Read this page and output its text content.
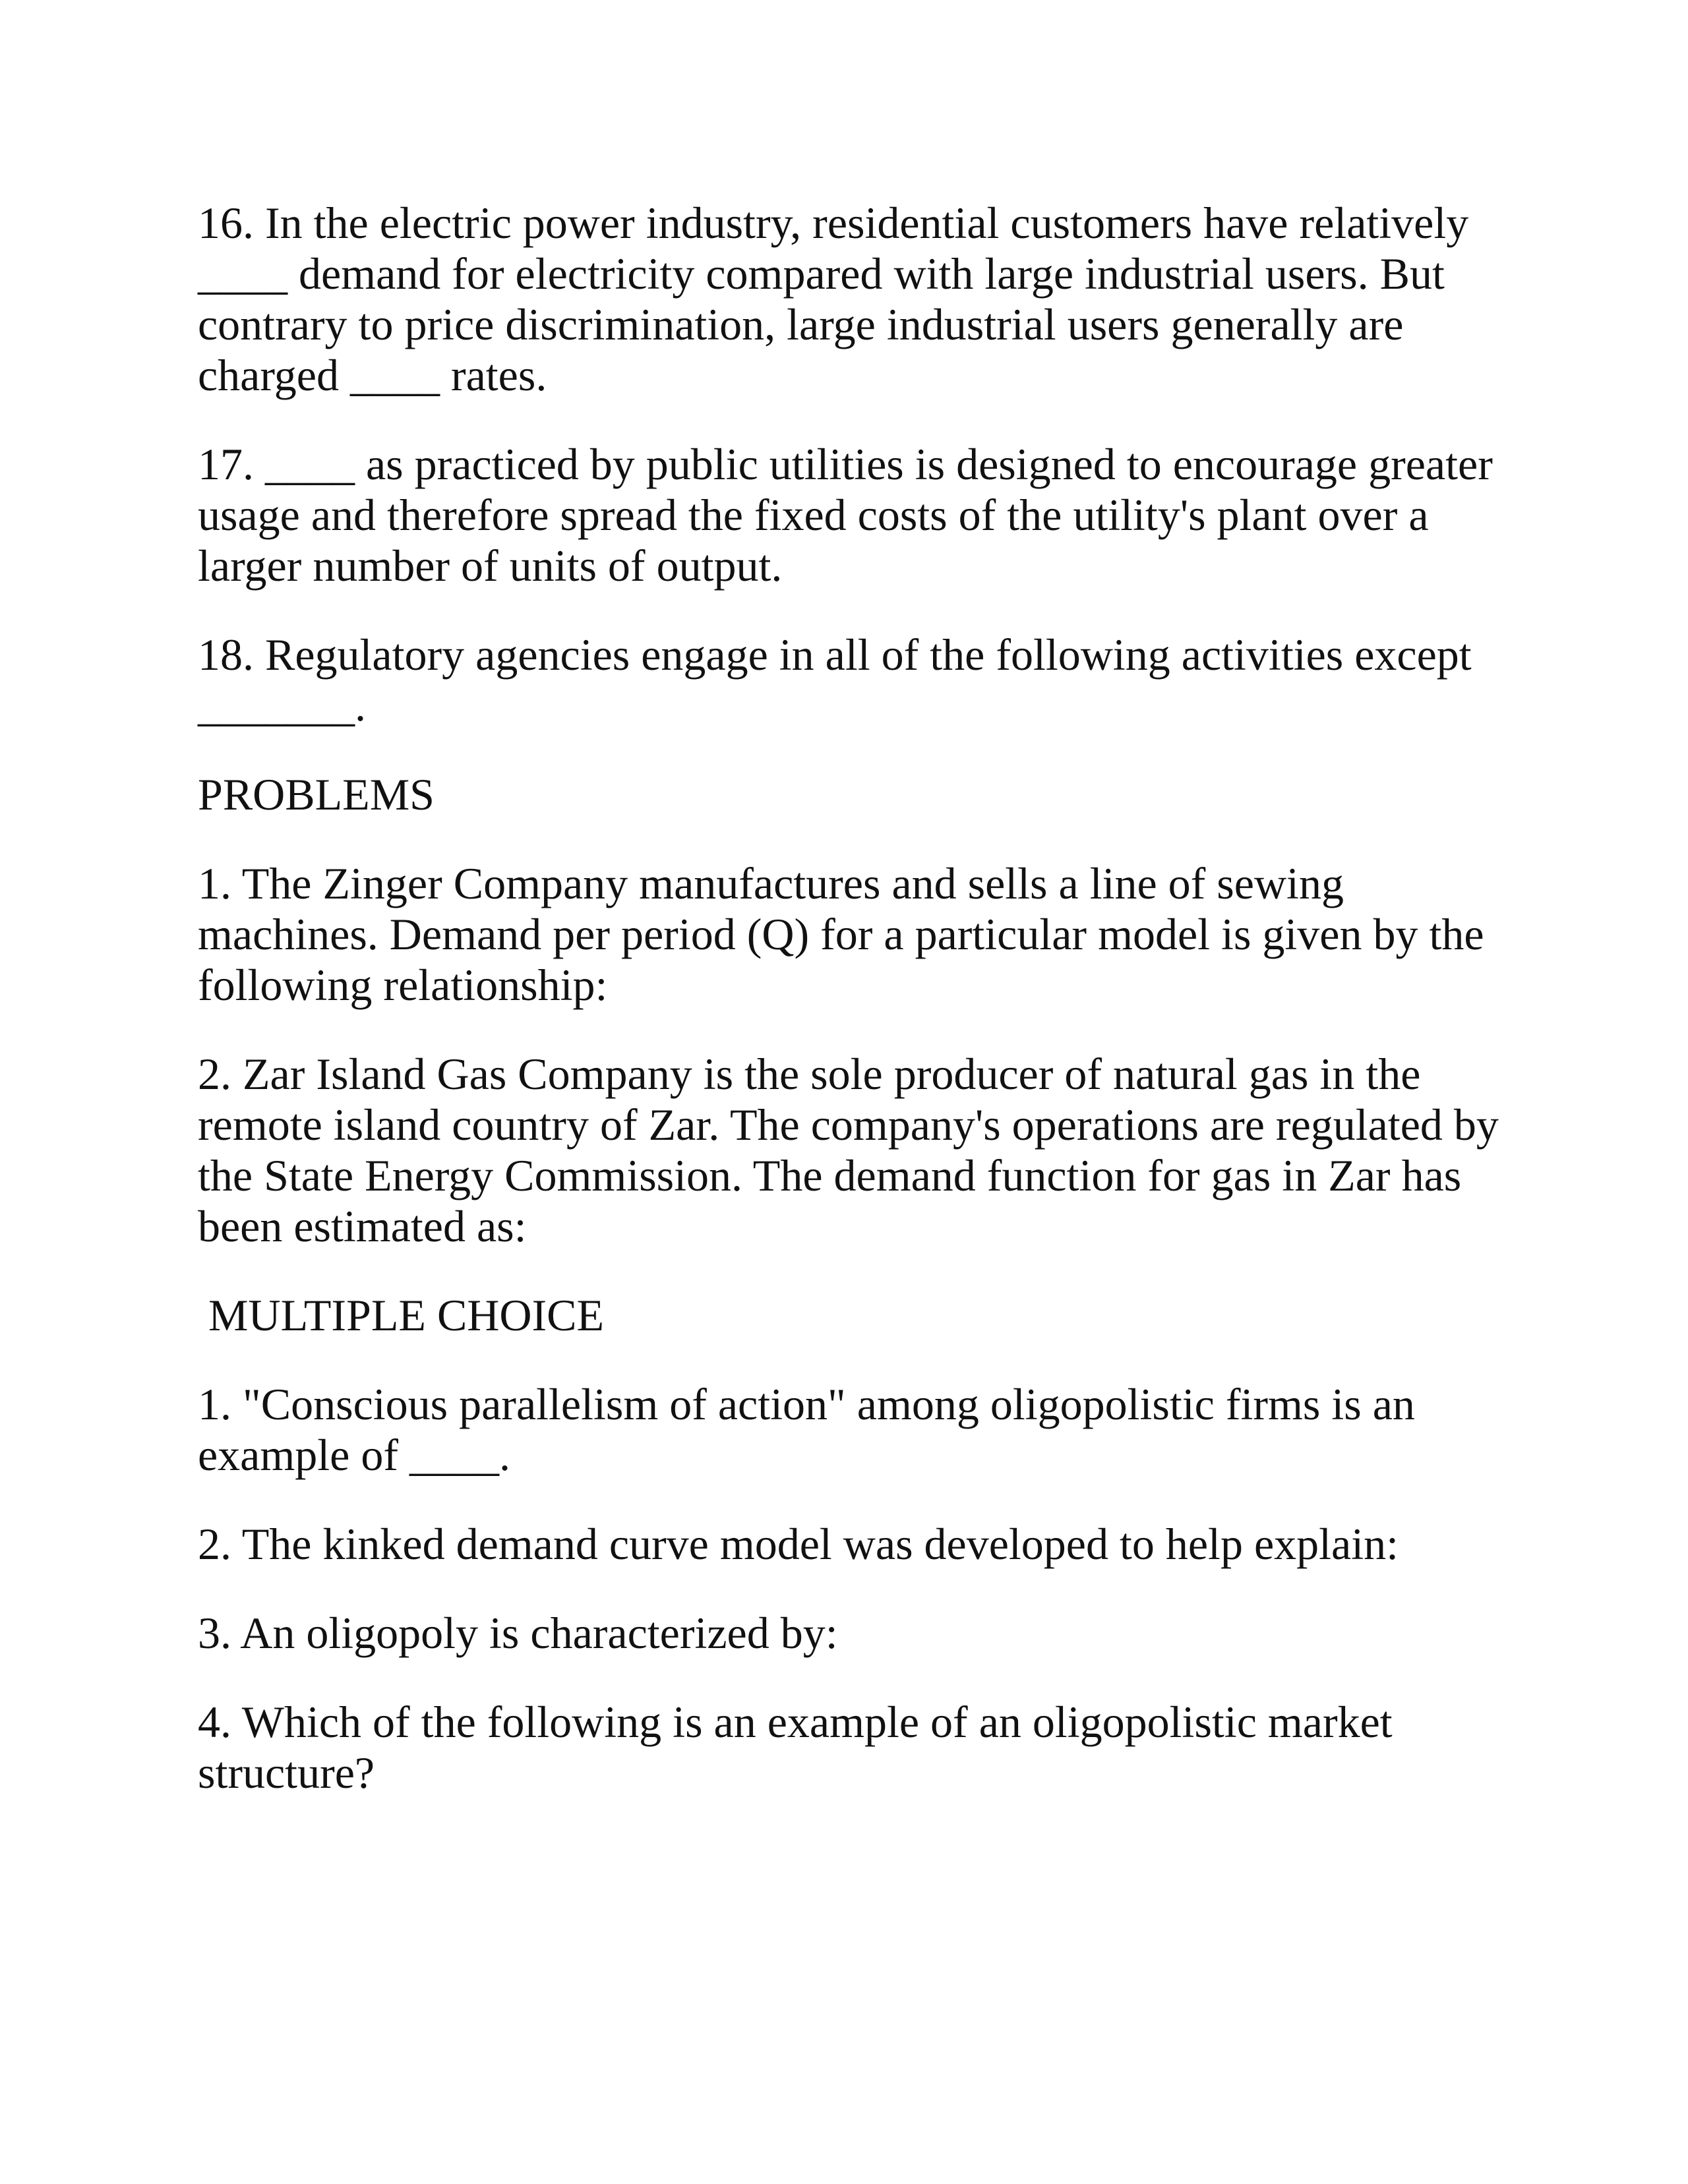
16. In the electric power industry, residential customers have relatively ____ demand for electricity compared with large industrial users. But contrary to price discrimination, large industrial users generally are charged ____ rates.

17. ____ as practiced by public utilities is designed to encourage greater usage and therefore spread the fixed costs of the utility's plant over a larger number of units of output.

18. Regulatory agencies engage in all of the following activities except _______.

PROBLEMS

1. The Zinger Company manufactures and sells a line of sewing machines. Demand per period (Q) for a particular model is given by the following relationship:

2. Zar Island Gas Company is the sole producer of natural gas in the remote island country of Zar. The company's operations are regulated by the State Energy Commission. The demand function for gas in Zar has been estimated as:

MULTIPLE CHOICE

1. "Conscious parallelism of action" among oligopolistic firms is an example of ____.

2. The kinked demand curve model was developed to help explain:

3. An oligopoly is characterized by:

4. Which of the following is an example of an oligopolistic market structure?
